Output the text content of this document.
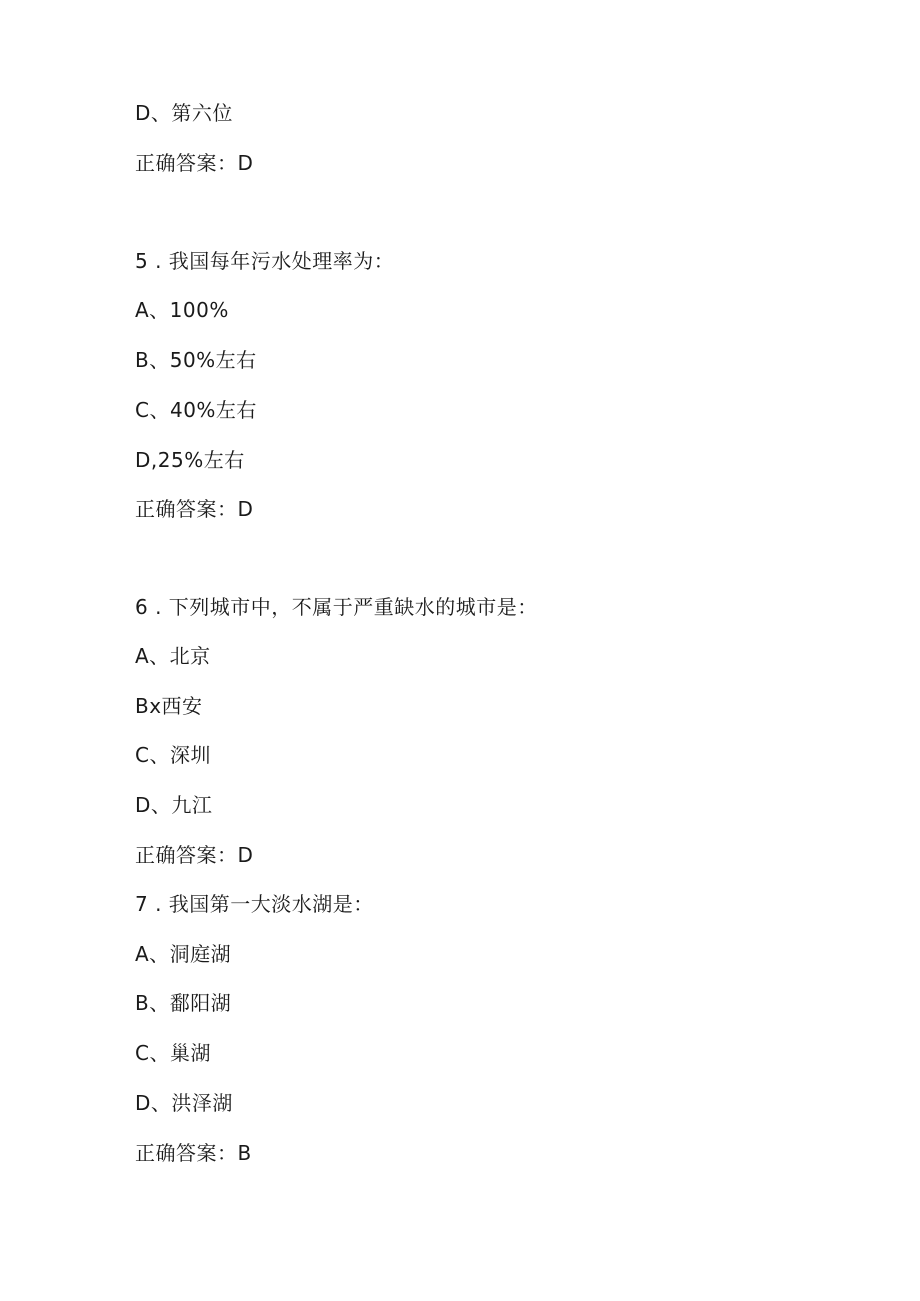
D、第六位
正确答案：D
5 . 我国每年污水处理率为：
A、100%
B、50%左右
C、40%左右
D,25%左右
正确答案：D
6 . 下列城市中，不属于严重缺水的城市是：
A、北京
Bx西安
C、深圳
D、九江
正确答案：D
7 . 我国第一大淡水湖是：
A、洞庭湖
B、鄱阳湖
C、巢湖
D、洪泽湖
正确答案：B
